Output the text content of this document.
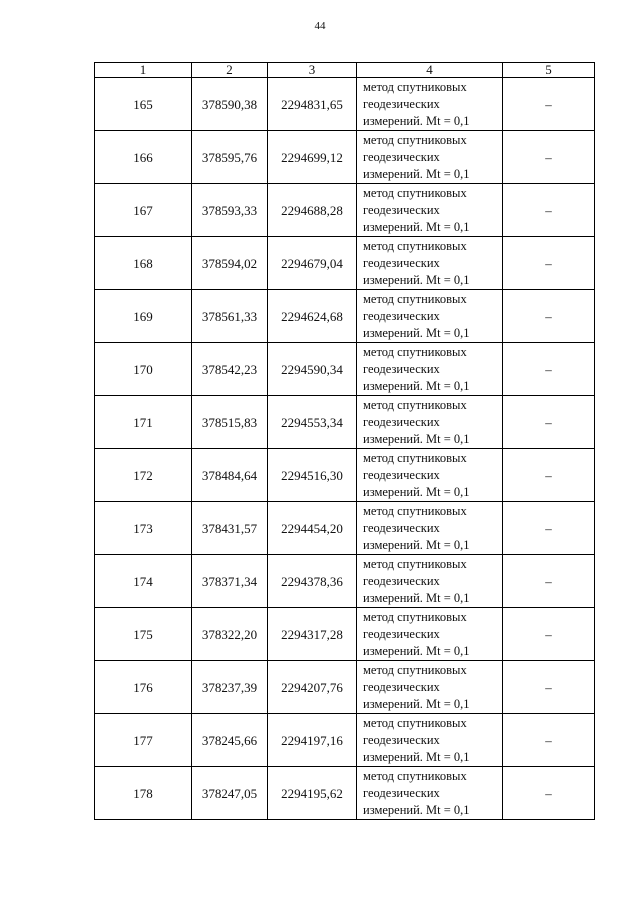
44
1	2	3	4	5
165	378590,38	2294831,65	метод спутниковых
геодезических
измерений. Mt = 0,1	–
166	378595,76	2294699,12	метод спутниковых
геодезических
измерений. Mt = 0,1	–
167	378593,33	2294688,28	метод спутниковых
геодезических
измерений. Mt = 0,1	–
168	378594,02	2294679,04	метод спутниковых
геодезических
измерений. Mt = 0,1	–
169	378561,33	2294624,68	метод спутниковых
геодезических
измерений. Mt = 0,1	–
170	378542,23	2294590,34	метод спутниковых
геодезических
измерений. Mt = 0,1	–
171	378515,83	2294553,34	метод спутниковых
геодезических
измерений. Mt = 0,1	–
172	378484,64	2294516,30	метод спутниковых
геодезических
измерений. Mt = 0,1	–
173	378431,57	2294454,20	метод спутниковых
геодезических
измерений. Mt = 0,1	–
174	378371,34	2294378,36	метод спутниковых
геодезических
измерений. Mt = 0,1	–
175	378322,20	2294317,28	метод спутниковых
геодезических
измерений. Mt = 0,1	–
176	378237,39	2294207,76	метод спутниковых
геодезических
измерений. Mt = 0,1	–
177	378245,66	2294197,16	метод спутниковых
геодезических
измерений. Mt = 0,1	–
178	378247,05	2294195,62	метод спутниковых
геодезических
измерений. Mt = 0,1	–
